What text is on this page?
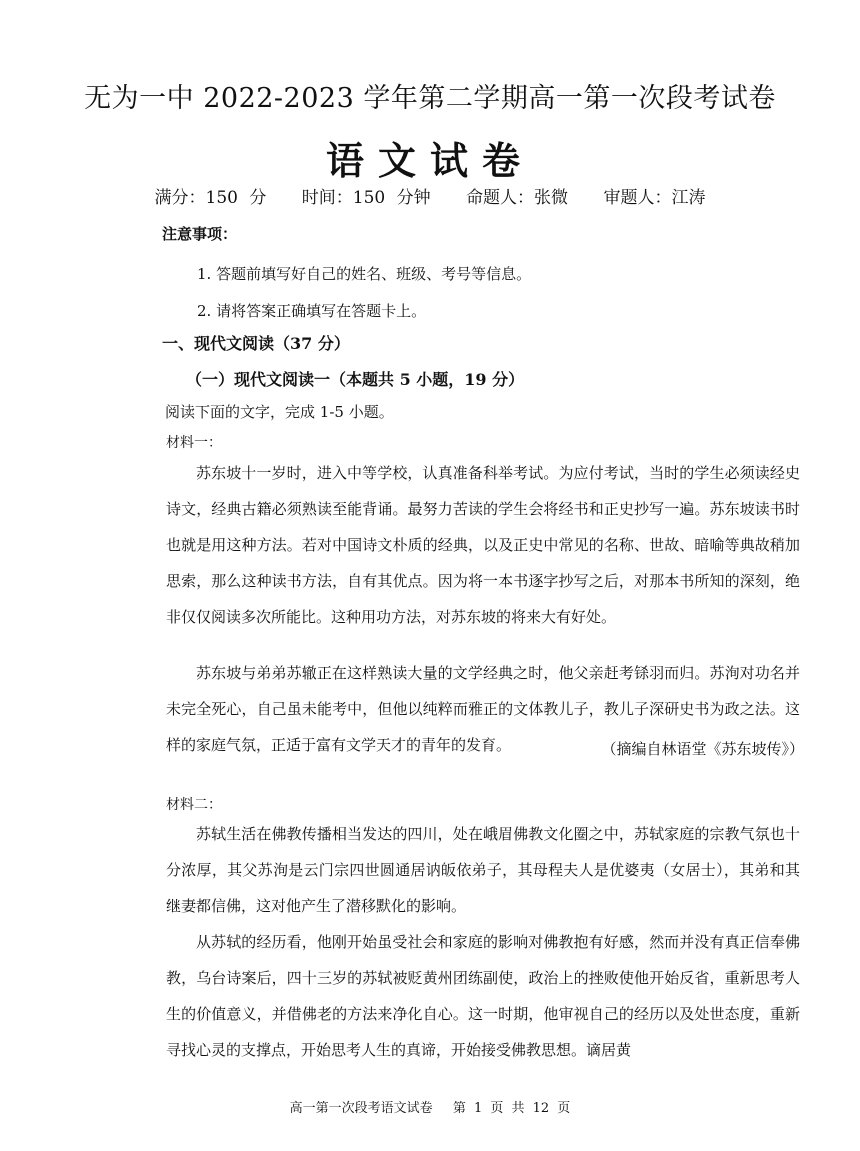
无为一中 2022-2023 学年第二学期高一第一次段考试卷
语文试卷
满分：150 分 时间：150 分钟 命题人：张微 审题人：江涛
注意事项：
1. 答题前填写好自己的姓名、班级、考号等信息。
2. 请将答案正确填写在答题卡上。
一、现代文阅读（37 分）
（一）现代文阅读一（本题共 5 小题，19 分）
阅读下面的文字，完成 1-5 小题。
材料一：
苏东坡十一岁时，进入中等学校，认真准备科举考试。为应付考试，当时的学生必须读经史诗文，经典古籍必须熟读至能背诵。最努力苦读的学生会将经书和正史抄写一遍。苏东坡读书时也就是用这种方法。若对中国诗文朴质的经典，以及正史中常见的名称、世故、暗喻等典故稍加思索，那么这种读书方法，自有其优点。因为将一本书逐字抄写之后，对那本书所知的深刻，绝非仅仅阅读多次所能比。这种用功方法，对苏东坡的将来大有好处。
苏东坡与弟弟苏辙正在这样熟读大量的文学经典之时，他父亲赶考铩羽而归。苏洵对功名并未完全死心，自己虽未能考中，但他以纯粹而雅正的文体教儿子，教儿子深研史书为政之法。这样的家庭气氛，正适于富有文学天才的青年的发育。	（摘编自林语堂《苏东坡传》）
材料二：
苏轼生活在佛教传播相当发达的四川，处在峨眉佛教文化圈之中，苏轼家庭的宗教气氛也十分浓厚，其父苏洵是云门宗四世圆通居讷皈依弟子，其母程夫人是优婆夷（女居士），其弟和其继妻都信佛，这对他产生了潜移默化的影响。
从苏轼的经历看，他刚开始虽受社会和家庭的影响对佛教抱有好感，然而并没有真正信奉佛教，乌台诗案后，四十三岁的苏轼被贬黄州团练副使，政治上的挫败使他开始反省，重新思考人生的价值意义，并借佛老的方法来净化自心。这一时期，他审视自己的经历以及处世态度，重新寻找心灵的支撑点，开始思考人生的真谛，开始接受佛教思想。谪居黄
高一第一次段考语文试卷 第 1 页 共 12 页
